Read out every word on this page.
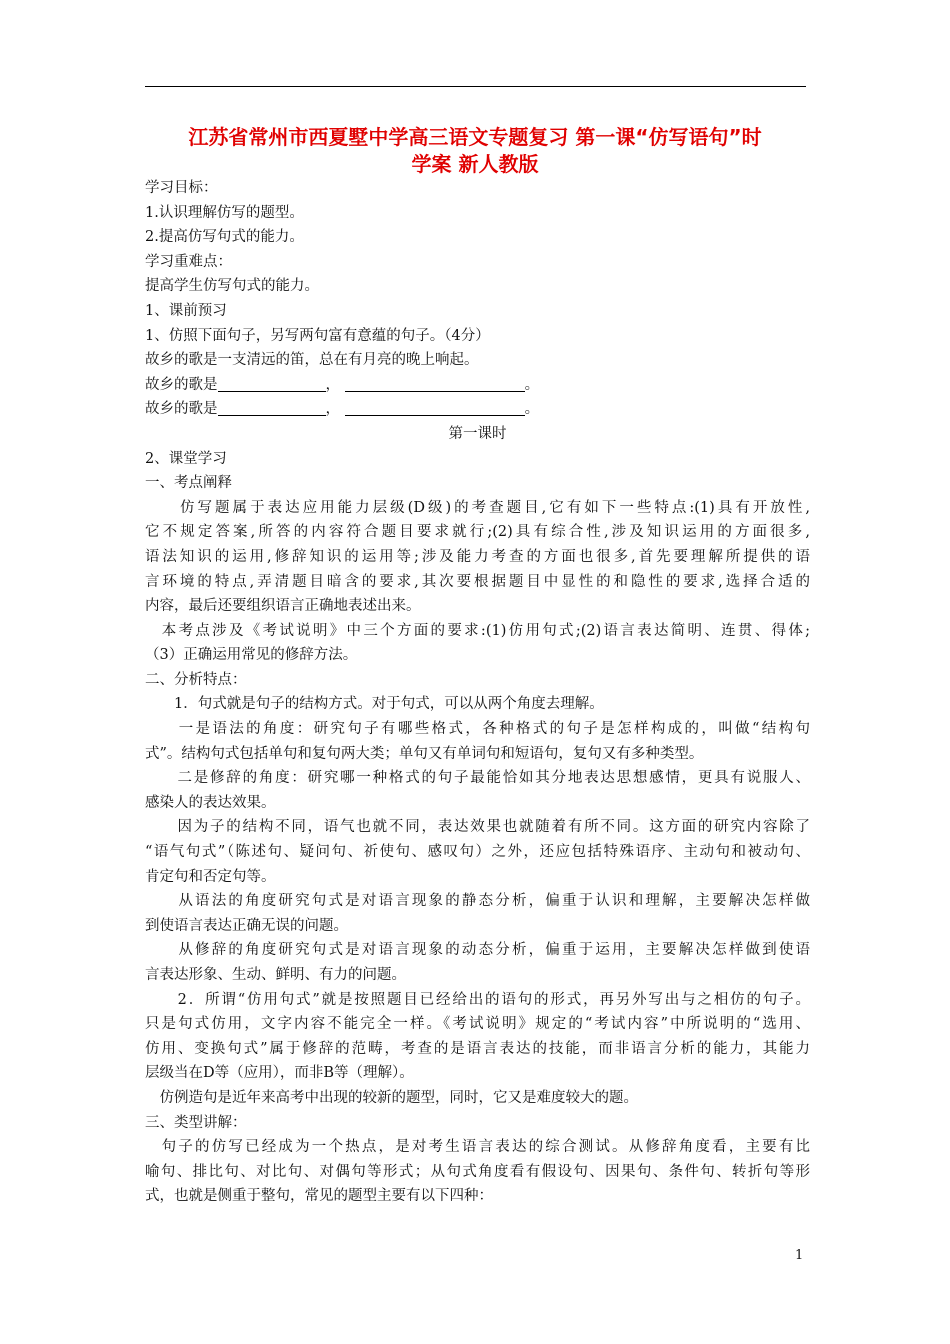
江苏省常州市西夏墅中学高三语文专题复习 第一课“仿写语句”时
学案 新人教版

学习目标：

1.认识理解仿写的题型。

2.提高仿写句式的能力。

学习重难点：

提高学生仿写句式的能力。

1、课前预习

1、仿照下面句子，另写两句富有意蕴的句子。（4分）

故乡的歌是一支清远的笛，总在有月亮的晚上响起。

故乡的歌是	，	。

故乡的歌是	，	。

第一课时

2、课堂学习

一、考点阐释

　　仿写题属于表达应用能力层级(D级)的考查题目,它有如下一些特点:(1)具有开放性,

它不规定答案,所答的内容符合题目要求就行;(2)具有综合性,涉及知识运用的方面很多,

语法知识的运用,修辞知识的运用等;涉及能力考查的方面也很多,首先要理解所提供的语

言环境的特点,弄清题目暗含的要求,其次要根据题目中显性的和隐性的要求,选择合适的

内容，最后还要组织语言正确地表述出来。

　本考点涉及《考试说明》中三个方面的要求:(1)仿用句式;(2)语言表达简明、连贯、得体;

（3）正确运用常见的修辞方法。

二、分析特点：

　　1．句式就是句子的结构方式。对于句式，可以从两个角度去理解。

　　一是语法的角度：研究句子有哪些格式，各种格式的句子是怎样构成的，叫做“结构句

式”。结构句式包括单句和复句两大类；单句又有单词句和短语句，复句又有多种类型。

　　二是修辞的角度：研究哪一种格式的句子最能恰如其分地表达思想感情，更具有说服人、

感染人的表达效果。

　　因为子的结构不同，语气也就不同，表达效果也就随着有所不同。这方面的研究内容除了

“语气句式”（陈述句、疑问句、祈使句、感叹句）之外，还应包括特殊语序、主动句和被动句、

肯定句和否定句等。

　　从语法的角度研究句式是对语言现象的静态分析，偏重于认识和理解，主要解决怎样做

到使语言表达正确无误的问题。

　　从修辞的角度研究句式是对语言现象的动态分析，偏重于运用，主要解决怎样做到使语

言表达形象、生动、鲜明、有力的问题。

　　2．所谓“仿用句式”就是按照题目已经给出的语句的形式，再另外写出与之相仿的句子。

只是句式仿用，文字内容不能完全一样。《考试说明》规定的“考试内容”中所说明的“选用、

仿用、变换句式”属于修辞的范畴，考查的是语言表达的技能，而非语言分析的能力，其能力

层级当在D等（应用），而非B等（理解）。

　仿例造句是近年来高考中出现的较新的题型，同时，它又是难度较大的题。

三、类型讲解：

　句子的仿写已经成为一个热点，是对考生语言表达的综合测试。从修辞角度看，主要有比

喻句、排比句、对比句、对偶句等形式；从句式角度看有假设句、因果句、条件句、转折句等形

式，也就是侧重于整句，常见的题型主要有以下四种：

1
